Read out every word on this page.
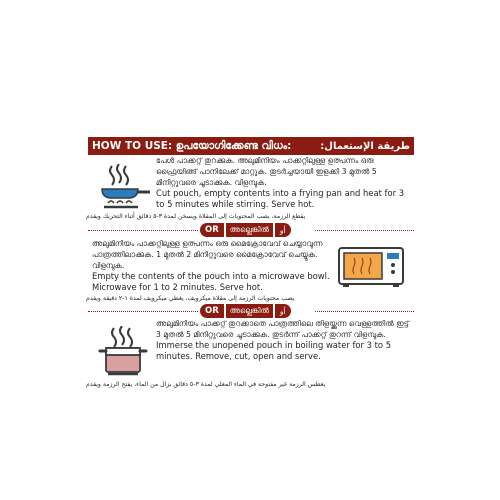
HOW TO USE: ഉപയോഗിക്കേണ്ട വിധം:	طريقة الإستعمال:

പേൾ പാക്കറ്റ് തുറക്കുക. അലുമിനിയം പാക്കറ്റിലുള്ള ഉത്പന്നം ഒരു ഫ്രൈയിങ്ങ് പാനിലേക്ക് മാറ്റുക. തുടർച്ചയായി ഇളക്കി 3 മുതൽ 5 മിനിറ്റുവരെ ചൂടാക്കുക. വിളമ്പുക.

Cut pouch, empty contents into a frying pan and heat for 3 to 5 minutes while stirring. Serve hot.

يقطع الرزمة، يصب المحتويات إلى المقلاة ويسخن لمدة ٣-٥ دقائق أثناء التحريك ويقدم

OR	അല്ലെങ്കിൽ	أو

അലുമിനിയം പാക്കറ്റിലുള്ള ഉത്പന്നം ഒരു മൈക്രോവേവ് ചെയ്യാവുന്ന പാത്രത്തിലാക്കുക. 1 മുതൽ 2 മിനിറ്റുവരെ മൈക്രോവേവ് ചെയ്യുക. വിളമ്പുക.

Empty the contents of the pouch into a microwave bowl. Microwave for 1 to 2 minutes. Serve hot.

يصب محتويات الرزمة إلى مقلاة ميكرويف، يغطي ميكرويف لمدة ١-٢ دقيقة ويقدم

OR	അല്ലെങ്കിൽ	أو

അലുമിനിയം പാക്കറ്റ് തുറക്കാതെ പാത്രത്തിലെ തിളയ്ക്കുന്ന വെള്ളത്തിൽ ഇട്ട് 3 മുതൽ 5 മിനിറ്റുവരെ ചൂടാക്കുക. തുടർന്ന് പാക്കറ്റ് തുറന്ന് വിളമ്പുക.

Immerse the unopened pouch in boiling water for 3 to 5 minutes. Remove, cut, open and serve.

يغطس الرزمة غير مفتوحة في الماء المغلي لمدة ٣-٥ دقائق يزال من الماء، يفتح الرزمة ويقدم
